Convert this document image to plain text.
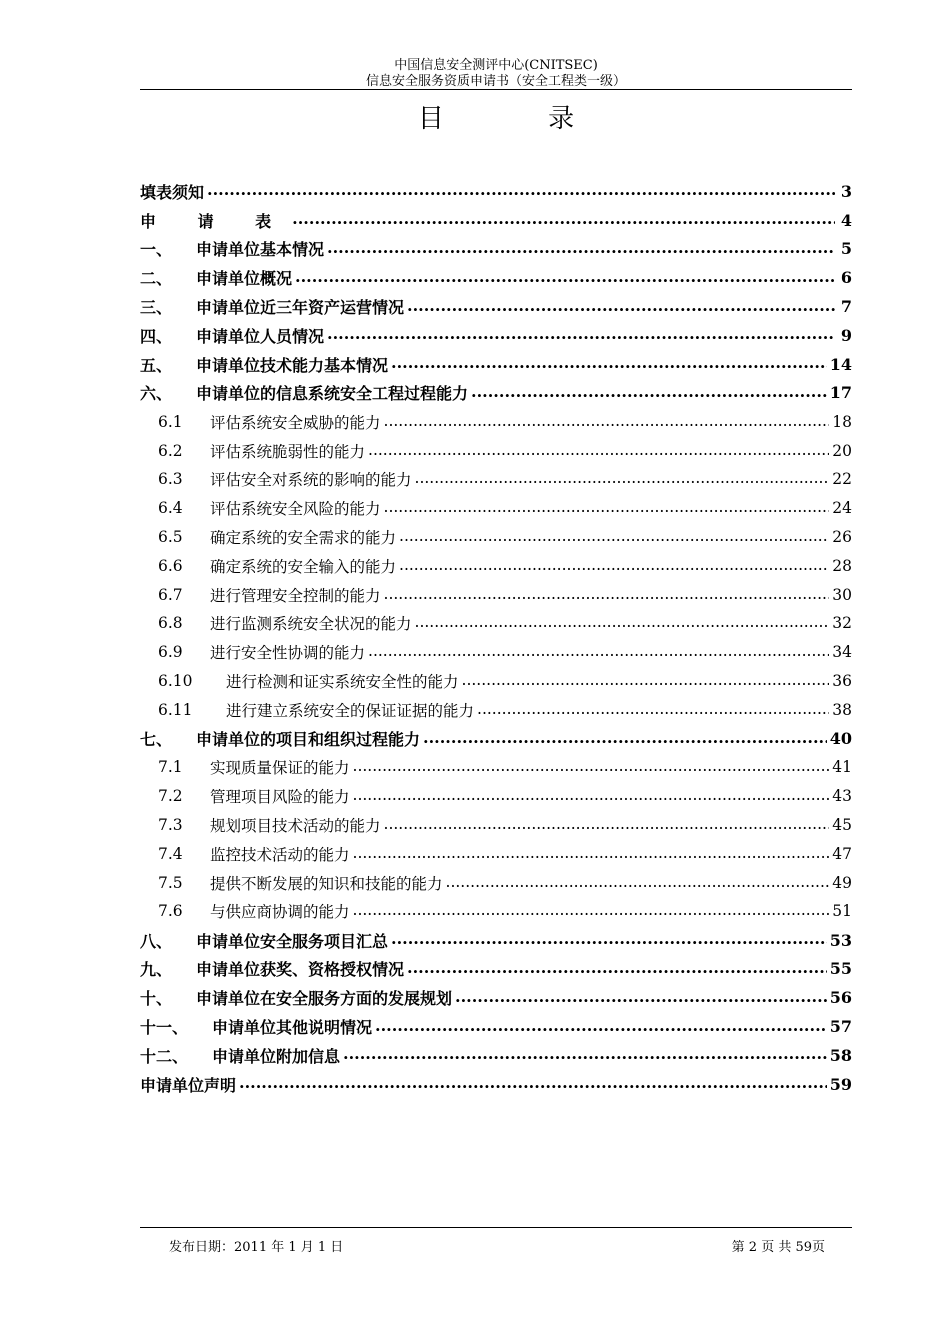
中国信息安全测评中心(CNITSEC)
信息安全服务资质申请书（安全工程类一级）
目 录
填表须知 .....	3
申 请 表 .....	4
一、	申请单位基本情况 .....	5
二、	申请单位概况 .....	6
三、	申请单位近三年资产运营情况 .....	7
四、	申请单位人员情况 .....	9
五、	申请单位技术能力基本情况 .....	14
六、	申请单位的信息系统安全工程过程能力 .....	17
6.1	评估系统安全威胁的能力 .....	18
6.2	评估系统脆弱性的能力 .....	20
6.3	评估安全对系统的影响的能力 .....	22
6.4	评估系统安全风险的能力 .....	24
6.5	确定系统的安全需求的能力 .....	26
6.6	确定系统的安全输入的能力 .....	28
6.7	进行管理安全控制的能力 .....	30
6.8	进行监测系统安全状况的能力 .....	32
6.9	进行安全性协调的能力 .....	34
6.10	进行检测和证实系统安全性的能力 .....	36
6.11	进行建立系统安全的保证证据的能力 .....	38
七、	申请单位的项目和组织过程能力 .....	40
7.1	实现质量保证的能力 .....	41
7.2	管理项目风险的能力 .....	43
7.3	规划项目技术活动的能力 .....	45
7.4	监控技术活动的能力 .....	47
7.5	提供不断发展的知识和技能的能力 .....	49
7.6	与供应商协调的能力 .....	51
八、	申请单位安全服务项目汇总 .....	53
九、	申请单位获奖、资格授权情况 .....	55
十、	申请单位在安全服务方面的发展规划 .....	56
十一、	申请单位其他说明情况 .....	57
十二、	申请单位附加信息 .....	58
申请单位声明 .....	59
发布日期：2011 年 1 月 1 日	第 2 页 共 59页
